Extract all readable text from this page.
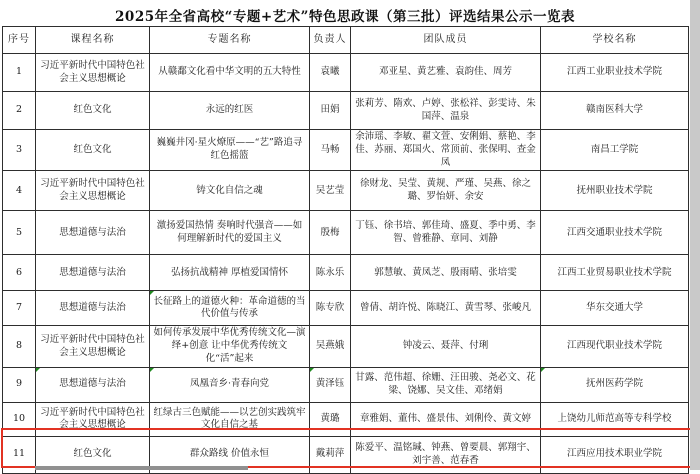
2025年全省高校“专题+艺术”特色思政课（第三批）评选结果公示一览表
序号	课程名称	专题名称	负责人	团队成员	学校名称
1	习近平新时代中国特色社会主义思想概论	从赣鄱文化看中华文明的五大特性	袁曦	邓亚星、黄艺雅、袁韵佳、周芳	江西工业职业技术学院
2	红色文化	永远的红医	田娟	张莉芳、隋欢、卢婷、张松祥、彭雯诗、朱国萍、温泉	赣南医科大学
3	红色文化	巍巍井冈·星火燎原——“艺”路追寻红色摇篮	马畅	余沛瑶、李敏、翟文萱、安俐娟、蔡艳、李佳、苏丽、郑国火、常顶前、张保明、查金凤	南昌工学院
4	习近平新时代中国特色社会主义思想概论	铸文化自信之魂	吴艺莹	徐财龙、吴莹、黄规、严瑾、吴燕、徐之璐、罗怡妍、余安	抚州职业技术学院
5	思想道德与法治	激扬爱国热情 奏响时代强音——如何理解新时代的爱国主义	殷梅	丁钰、徐书培、郭佳琦、盛夏、季中勇、李智、曾雅静、章同、刘静	江西交通职业技术学院
6	思想道德与法治	弘扬抗战精神 厚植爱国情怀	陈永乐	郭慧敏、黄凤芝、殷雨晴、张培雯	江西工业贸易职业技术学院
7	思想道德与法治	长征路上的道德火种：革命道德的当代价值与传承	陈专欣	曾倩、胡许悦、陈晓江、黄雪琴、张峻凡	华东交通大学
8	习近平新时代中国特色社会主义思想概论	如何传承发展中华优秀传统文化—演绎+创意 让中华优秀传统文化“活”起来	吴燕娥	钟凌云、聂萍、付琍	江西现代职业技术学院
9	思想道德与法治	凤凰音乡·青春向党	黄泽钰	甘露、范伟超、徐姗、汪田骏、尧必文、花梁、饶娜、吴文佳、邓绪娟	抚州医药学院

10	习近平新时代中国特色社会主义思想概论	红绿古三色赋能——以艺创实践筑牢文化自信之基	黄璐	章雅娟、董伟、盛景伟、刘俐伶、黄文婷	上饶幼儿师范高等专科学校
11	红色文化	群众路线 价值永恒	戴莉萍	陈爱平、温铭瑊、钟燕、曾要晨、郭翔宇、刘宇善、范春香	江西应用技术职业学院
